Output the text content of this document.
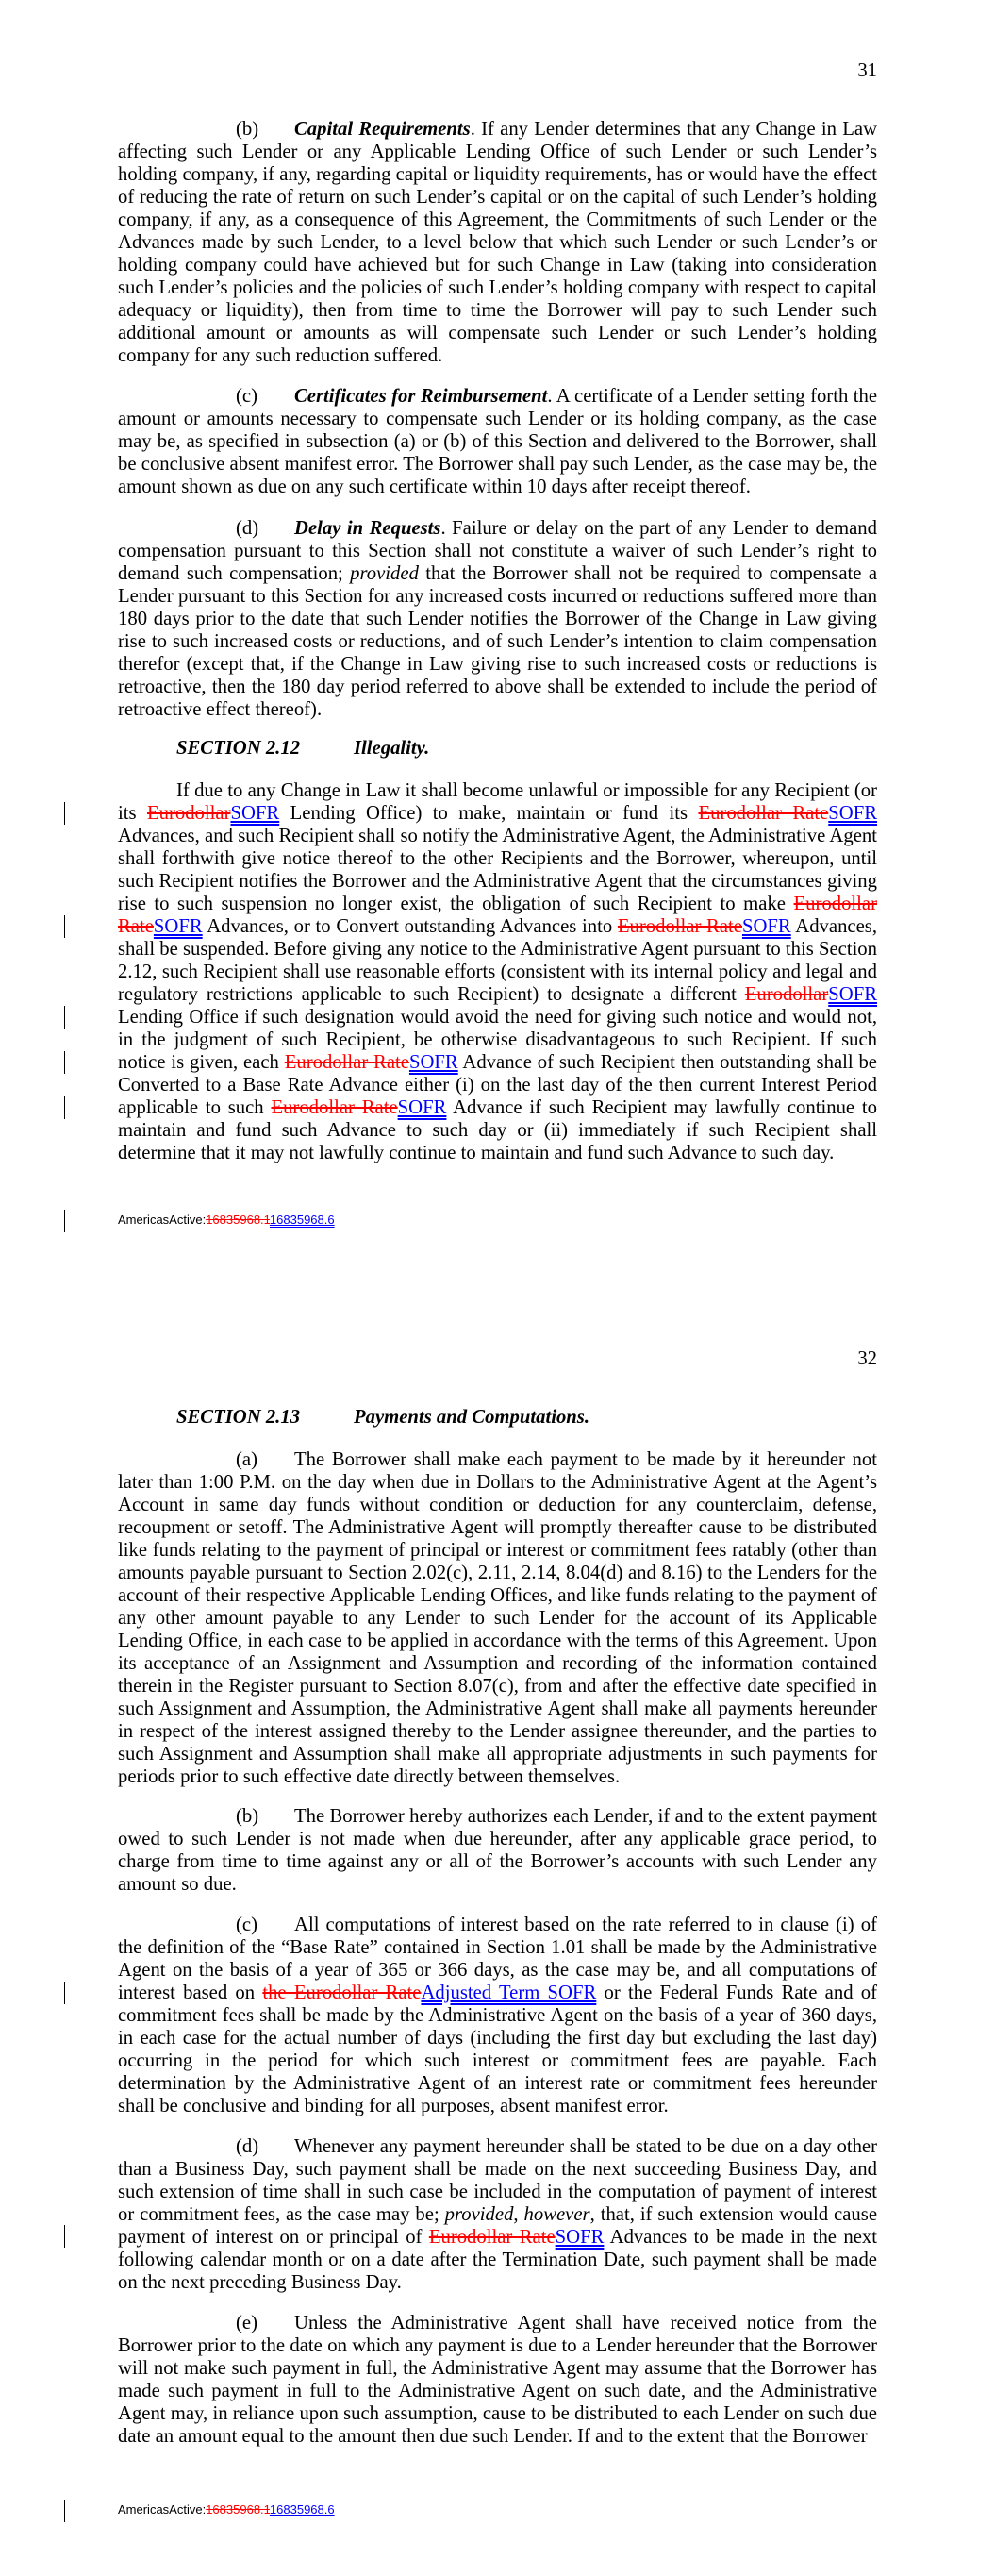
31
(b) Capital Requirements. If any Lender determines that any Change in Law affecting such Lender or any Applicable Lending Office of such Lender or such Lender’s holding company, if any, regarding capital or liquidity requirements, has or would have the effect of reducing the rate of return on such Lender’s capital or on the capital of such Lender’s holding company, if any, as a consequence of this Agreement, the Commitments of such Lender or the Advances made by such Lender, to a level below that which such Lender or such Lender’s or holding company could have achieved but for such Change in Law (taking into consideration such Lender’s policies and the policies of such Lender’s holding company with respect to capital adequacy or liquidity), then from time to time the Borrower will pay to such Lender such additional amount or amounts as will compensate such Lender or such Lender’s holding company for any such reduction suffered.
(c) Certificates for Reimbursement. A certificate of a Lender setting forth the amount or amounts necessary to compensate such Lender or its holding company, as the case may be, as specified in subsection (a) or (b) of this Section and delivered to the Borrower, shall be conclusive absent manifest error. The Borrower shall pay such Lender, as the case may be, the amount shown as due on any such certificate within 10 days after receipt thereof.
(d) Delay in Requests. Failure or delay on the part of any Lender to demand compensation pursuant to this Section shall not constitute a waiver of such Lender’s right to demand such compensation; provided that the Borrower shall not be required to compensate a Lender pursuant to this Section for any increased costs incurred or reductions suffered more than 180 days prior to the date that such Lender notifies the Borrower of the Change in Law giving rise to such increased costs or reductions, and of such Lender’s intention to claim compensation therefor (except that, if the Change in Law giving rise to such increased costs or reductions is retroactive, then the 180 day period referred to above shall be extended to include the period of retroactive effect thereof).
SECTION 2.12	Illegality.
If due to any Change in Law it shall become unlawful or impossible for any Recipient (or its EurodollarSOFR Lending Office) to make, maintain or fund its Eurodollar RateSOFR Advances, and such Recipient shall so notify the Administrative Agent, the Administrative Agent shall forthwith give notice thereof to the other Recipients and the Borrower, whereupon, until such Recipient notifies the Borrower and the Administrative Agent that the circumstances giving rise to such suspension no longer exist, the obligation of such Recipient to make Eurodollar RateSOFR Advances, or to Convert outstanding Advances into Eurodollar RateSOFR Advances, shall be suspended. Before giving any notice to the Administrative Agent pursuant to this Section 2.12, such Recipient shall use reasonable efforts (consistent with its internal policy and legal and regulatory restrictions applicable to such Recipient) to designate a different EurodollarSOFR Lending Office if such designation would avoid the need for giving such notice and would not, in the judgment of such Recipient, be otherwise disadvantageous to such Recipient. If such notice is given, each Eurodollar RateSOFR Advance of such Recipient then outstanding shall be Converted to a Base Rate Advance either (i) on the last day of the then current Interest Period applicable to such Eurodollar RateSOFR Advance if such Recipient may lawfully continue to maintain and fund such Advance to such day or (ii) immediately if such Recipient shall determine that it may not lawfully continue to maintain and fund such Advance to such day.
AmericasActive:16835968.116835968.6
32
SECTION 2.13	Payments and Computations.
(a) The Borrower shall make each payment to be made by it hereunder not later than 1:00 P.M. on the day when due in Dollars to the Administrative Agent at the Agent’s Account in same day funds without condition or deduction for any counterclaim, defense, recoupment or setoff. The Administrative Agent will promptly thereafter cause to be distributed like funds relating to the payment of principal or interest or commitment fees ratably (other than amounts payable pursuant to Section 2.02(c), 2.11, 2.14, 8.04(d) and 8.16) to the Lenders for the account of their respective Applicable Lending Offices, and like funds relating to the payment of any other amount payable to any Lender to such Lender for the account of its Applicable Lending Office, in each case to be applied in accordance with the terms of this Agreement. Upon its acceptance of an Assignment and Assumption and recording of the information contained therein in the Register pursuant to Section 8.07(c), from and after the effective date specified in such Assignment and Assumption, the Administrative Agent shall make all payments hereunder in respect of the interest assigned thereby to the Lender assignee thereunder, and the parties to such Assignment and Assumption shall make all appropriate adjustments in such payments for periods prior to such effective date directly between themselves.
(b) The Borrower hereby authorizes each Lender, if and to the extent payment owed to such Lender is not made when due hereunder, after any applicable grace period, to charge from time to time against any or all of the Borrower’s accounts with such Lender any amount so due.
(c) All computations of interest based on the rate referred to in clause (i) of the definition of the “Base Rate” contained in Section 1.01 shall be made by the Administrative Agent on the basis of a year of 365 or 366 days, as the case may be, and all computations of interest based on the Eurodollar RateAdjusted Term SOFR or the Federal Funds Rate and of commitment fees shall be made by the Administrative Agent on the basis of a year of 360 days, in each case for the actual number of days (including the first day but excluding the last day) occurring in the period for which such interest or commitment fees are payable. Each determination by the Administrative Agent of an interest rate or commitment fees hereunder shall be conclusive and binding for all purposes, absent manifest error.
(d) Whenever any payment hereunder shall be stated to be due on a day other than a Business Day, such payment shall be made on the next succeeding Business Day, and such extension of time shall in such case be included in the computation of payment of interest or commitment fees, as the case may be; provided, however, that, if such extension would cause payment of interest on or principal of Eurodollar RateSOFR Advances to be made in the next following calendar month or on a date after the Termination Date, such payment shall be made on the next preceding Business Day.
(e) Unless the Administrative Agent shall have received notice from the Borrower prior to the date on which any payment is due to a Lender hereunder that the Borrower will not make such payment in full, the Administrative Agent may assume that the Borrower has made such payment in full to the Administrative Agent on such date, and the Administrative Agent may, in reliance upon such assumption, cause to be distributed to each Lender on such due date an amount equal to the amount then due such Lender. If and to the extent that the Borrower
AmericasActive:16835968.116835968.6
